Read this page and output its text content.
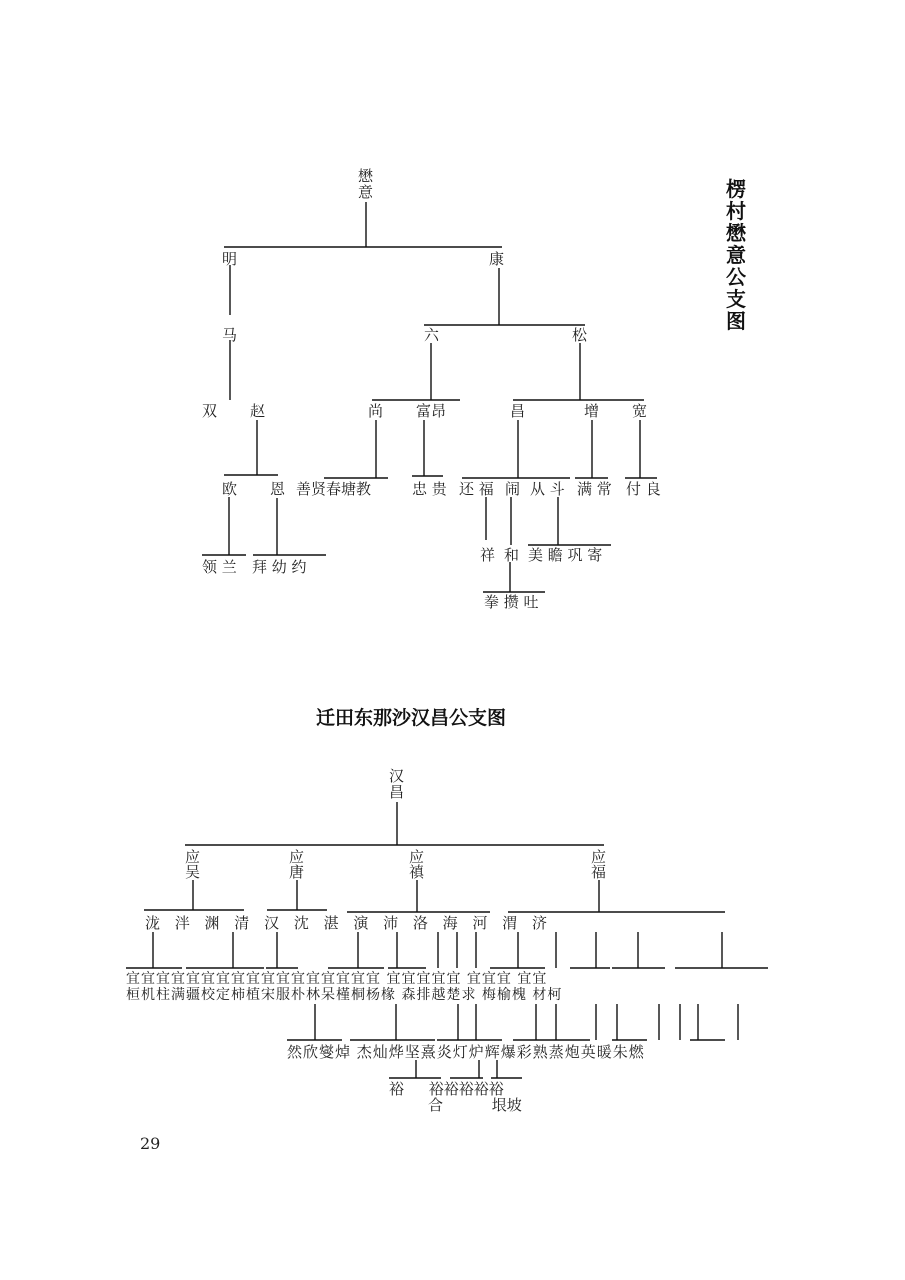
楞村懋意公支图
懋意
明	康
马	六	松
双 赵	尚 富昂	昌	增 宽
欧 恩 善贤春塘教	忠 贵 还 福 闹 从 斗 满 常 付 良
领 兰 拜 幼 约
祥 和 美 瞻 巩 寄
拳 攒 吐
迁田东那沙汉昌公支图
汉昌
应吴
应唐
应禛
应福
泷 泮 渊 清 汉 沈 湛 演 沛 洛 海 河 渭 济
宜宜宜宜宜宜宜宜宜宜宜宜宜宜宜宜宜 宜宜宜宜宜 宜宜宜 宜宜
桓机柱满疆校定柿植宋服朴林呆槿桐杨椽 森排越楚求 梅榆槐 材柯
然欣燮焯 杰灿烨坚熹炎灯炉辉爆彩熟蒸炮英暖朱燃
裕 裕裕裕裕裕
合 垠坡
29
